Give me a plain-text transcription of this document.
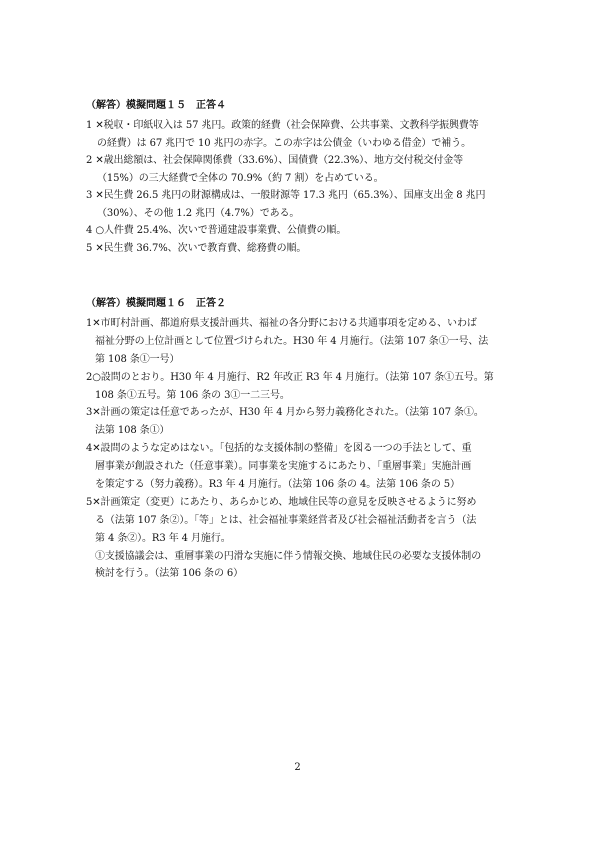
（解答）模擬問題１５　正答４
1 ✕税収・印紙収入は 57 兆円。政策的経費（社会保障費、公共事業、文教科学振興費等
の経費）は 67 兆円で 10 兆円の赤字。この赤字は公債金（いわゆる借金）で補う。
2 ✕歳出総額は、社会保障関係費（33.6%）、国債費（22.3%）、地方交付税交付金等
（15%）の三大経費で全体の 70.9%（約 7 割）を占めている。
3 ✕民生費 26.5 兆円の財源構成は、一般財源等 17.3 兆円（65.3%）、国庫支出金 8 兆円
（30%）、その他 1.2 兆円（4.7%）である。
4 ○人件費 25.4%、次いで普通建設事業費、公債費の順。
5 ✕民生費 36.7%、次いで教育費、総務費の順。
（解答）模擬問題１６　正答２
1✕市町村計画、都道府県支援計画共、福祉の各分野における共通事項を定める、いわば
福祉分野の上位計画として位置づけられた。H30 年 4 月施行。（法第 107 条①一号、法
第 108 条①一号）
2○設問のとおり。H30 年 4 月施行、R2 年改正 R3 年 4 月施行。（法第 107 条①五号。第
108 条①五号。第 106 条の 3①一二三号。
3✕計画の策定は任意であったが、H30 年 4 月から努力義務化された。（法第 107 条①。
法第 108 条①）
4✕設問のような定めはない。「包括的な支援体制の整備」を図る一つの手法として、重
層事業が創設された（任意事業）。同事業を実施するにあたり、「重層事業」実施計画
を策定する（努力義務）。R3 年 4 月施行。（法第 106 条の 4。法第 106 条の 5）
5✕計画策定（変更）にあたり、あらかじめ、地域住民等の意見を反映させるように努め
る（法第 107 条②）。「等」とは、社会福祉事業経営者及び社会福祉活動者を言う（法
第 4 条②）。R3 年 4 月施行。
①支援協議会は、重層事業の円滑な実施に伴う情報交換、地域住民の必要な支援体制の
検討を行う。（法第 106 条の 6）
2
